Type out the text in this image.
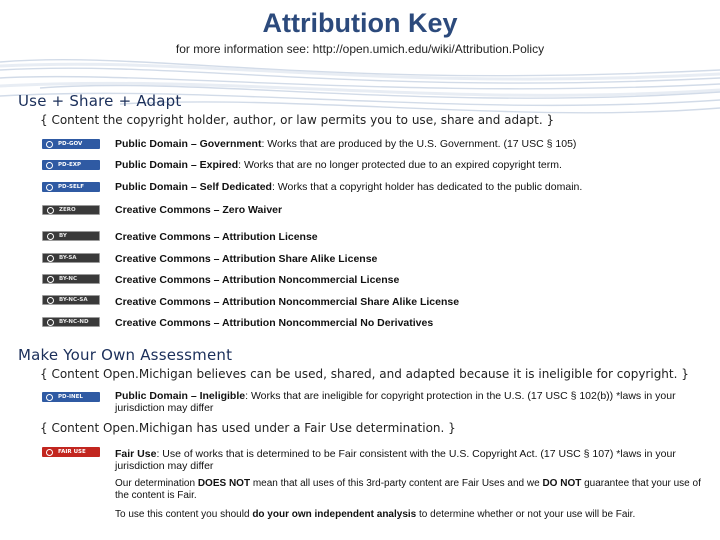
Attribution Key
for more information see: http://open.umich.edu/wiki/Attribution.Policy
Use + Share + Adapt
{ Content the copyright holder, author, or law permits you to use, share and adapt. }
PD-GOV	Public Domain – Government: Works that are produced by the U.S. Government. (17 USC § 105)
PD-EXP	Public Domain – Expired: Works that are no longer protected due to an expired copyright term.
PD-SELF	Public Domain – Self Dedicated: Works that a copyright holder has dedicated to the public domain.
ZERO	Creative Commons – Zero Waiver
BY	Creative Commons – Attribution License
BY-SA	Creative Commons – Attribution Share Alike License
BY-NC	Creative Commons – Attribution Noncommercial License
BY-NC-SA	Creative Commons – Attribution Noncommercial Share Alike License
BY-NC-ND	Creative Commons – Attribution Noncommercial No Derivatives
Make Your Own Assessment
{ Content Open.Michigan believes can be used, shared, and adapted because it is ineligible for copyright. }
PD-INEL	Public Domain – Ineligible: Works that are ineligible for copyright protection in the U.S. (17 USC § 102(b)) *laws in your jurisdiction may differ
{ Content Open.Michigan has used under a Fair Use determination. }
FAIR USE	Fair Use: Use of works that is determined to be Fair consistent with the U.S. Copyright Act. (17 USC § 107) *laws in your jurisdiction may differ
Our determination DOES NOT mean that all uses of this 3rd-party content are Fair Uses and we DO NOT guarantee that your use of the content is Fair.
To use this content you should do your own independent analysis to determine whether or not your use will be Fair.
